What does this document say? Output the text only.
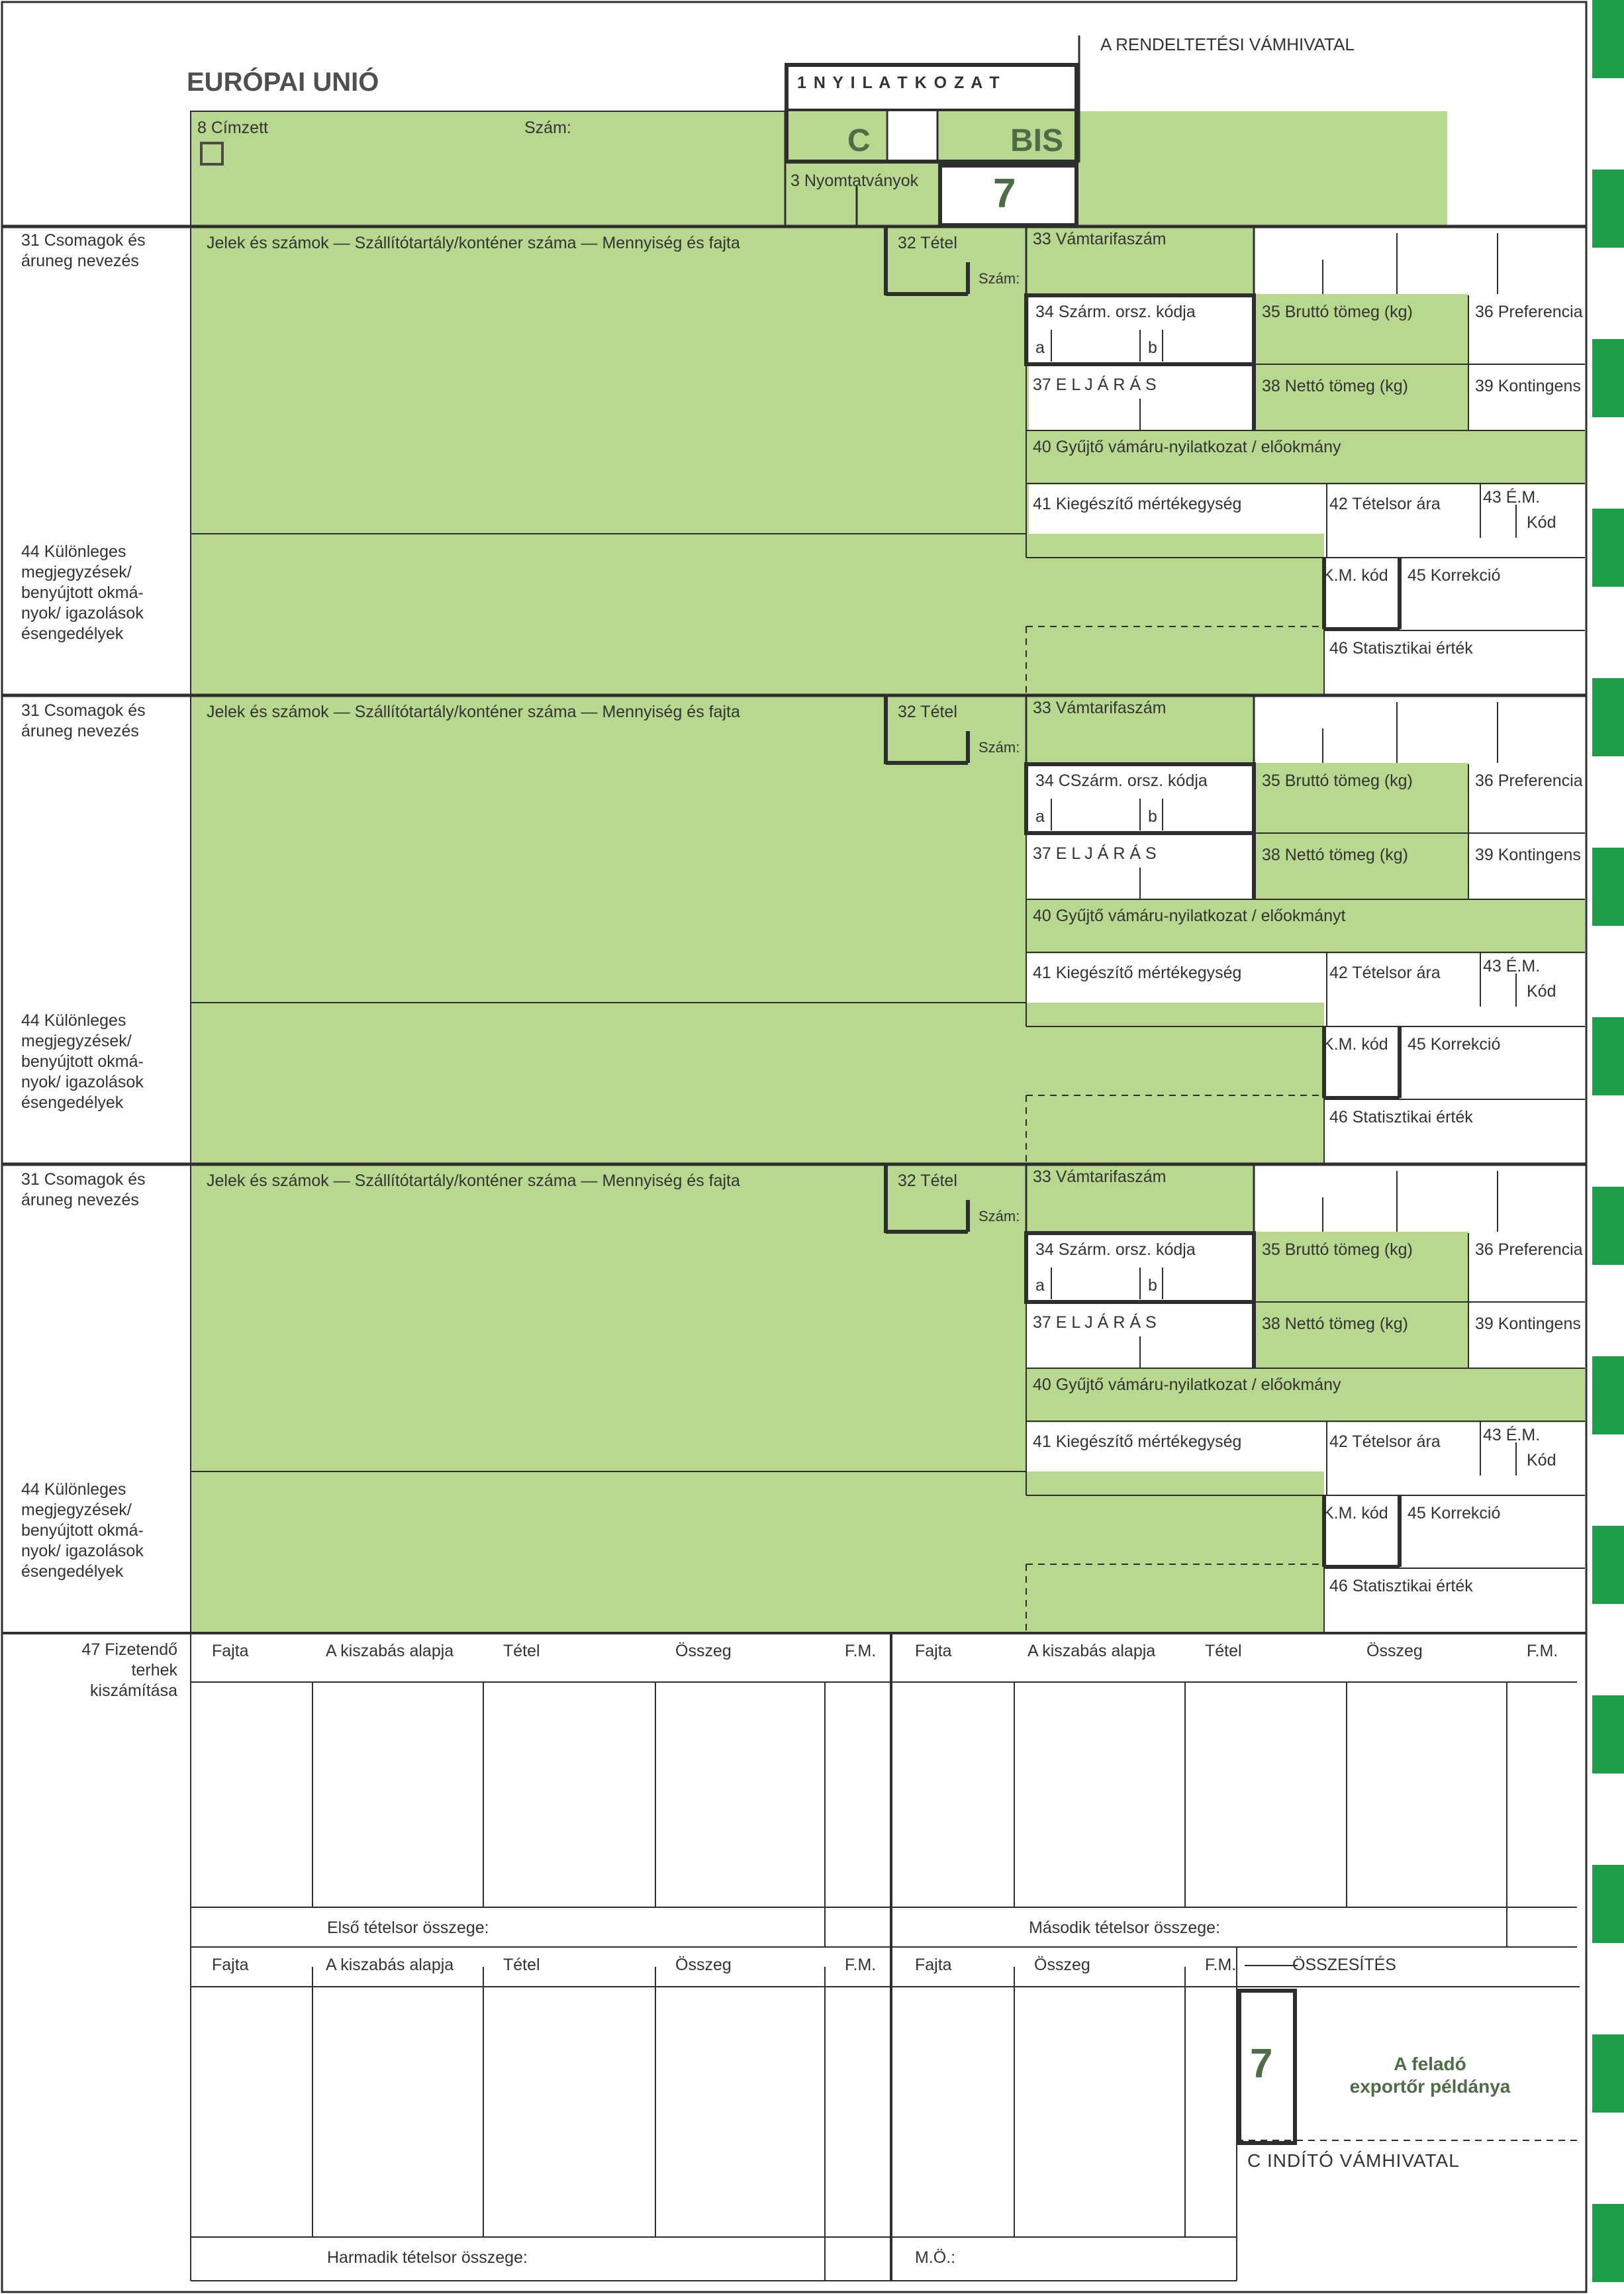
EURÓPAI UNIÓ
A RENDELTETÉSI VÁMHIVATAL
8 Címzett	Szám:
1 N Y I L A T K O Z A T
C	BIS
3 Nyomtatványok 7
31 Csomagok és
áruneg nevezés
Jelek és számok — Szállítótartály/konténer száma — Mennyiség és fajta	32 Tétel
Szám:
33 Vámtarifaszám
34 Szárm. orsz. kódja
a	b
35 Bruttó tömeg (kg)	36 Preferencia
37 E L J Á R Á S	38 Nettó tömeg (kg)	39 Kontingens
40 Gyűjtő vámáru-nyilatkozat / előokmány
41 Kiegészítő mértékegység	42 Tételsor ára	43 É.M.
Kód
44 Különleges
megjegyzések/
benyújtott okmá-
nyok/ igazolások
ésengedélyek
K.M. kód 45 Korrekció
46 Statisztikai érték
31 Csomagok és
áruneg nevezés
Jelek és számok — Szállítótartály/konténer száma — Mennyiség és fajta	32 Tétel
Szám:
33 Vámtarifaszám
34 CSzárm. orsz. kódja
a	b
35 Bruttó tömeg (kg)	36 Preferencia
37 E L J Á R Á S	38 Nettó tömeg (kg)	39 Kontingens
40 Gyűjtő vámáru-nyilatkozat / előokmányt
41 Kiegészítő mértékegység	42 Tételsor ára	43 É.M.
Kód
44 Különleges
megjegyzések/
benyújtott okmá-
nyok/ igazolások
ésengedélyek
K.M. kód 45 Korrekció
46 Statisztikai érték
31 Csomagok és
áruneg nevezés
Jelek és számok — Szállítótartály/konténer száma — Mennyiség és fajta	32 Tétel
Szám:
33 Vámtarifaszám
34 Szárm. orsz. kódja
a	b
35 Bruttó tömeg (kg)	36 Preferencia
37 E L J Á R Á S	38 Nettó tömeg (kg)	39 Kontingens
40 Gyűjtő vámáru-nyilatkozat / előokmány
41 Kiegészítő mértékegység	42 Tételsor ára	43 É.M.
Kód
44 Különleges
megjegyzések/
benyújtott okmá-
nyok/ igazolások
ésengedélyek
K.M. kód 45 Korrekció
46 Statisztikai érték
47 Fizetendő
terhek
kiszámítása
Fajta	A kiszabás alapja	Tétel	Összeg	F.M. Fajta	A kiszabás alapja	Tétel	Összeg	F.M.
Első tételsor összege:	Második tételsor összege:
Fajta	A kiszabás alapja	Tétel	Összeg	F.M. Fajta	Összeg	F.M.	ÖSSZESÍTÉS
7	A feladó
exportőr példánya
C INDÍTÓ VÁMHIVATAL
Harmadik tételsor összege:	M.Ö.:
